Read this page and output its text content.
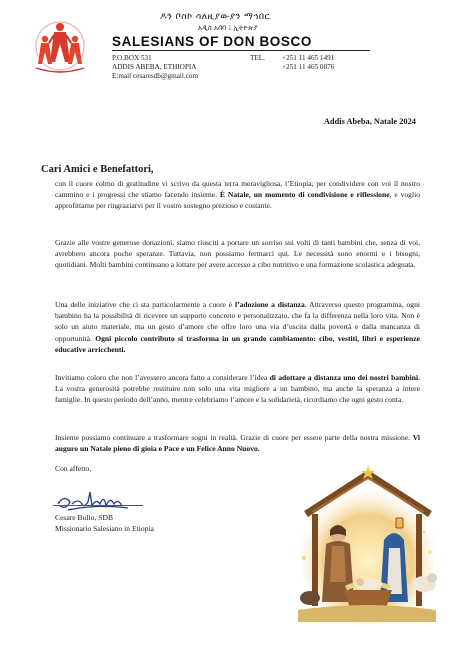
ዶን ቦስኮ ሳለዚያውያን ማኅበር
አዲስ አበባ ፤ ኢትዮጵያ
SALESIANS OF DON BOSCO
P.O.BOX 531
ADDIS ABEBA, ETHIOPIA
E:mail cesaresdb@gmail.com
TEL. +251 11 465 1491
+251 11 465 0876
Addis Abeba, Natale 2024
Cari Amici e Benefattori,

con il cuore colmo di gratitudine vi scrivo da questa terra meravigliosa, l’Etiopia, per condividere con voi il nostro cammino e i progressi che stiamo facendo insieme. È Natale, un momento di condivisione e riflessione, e voglio approfittarne per ringraziarvi per il vostro sostegno prezioso e costante.

Grazie alle vostre generose donazioni, siamo riusciti a portare un sorriso sui volti di tanti bambini che, senza di voi, avrebbero ancora poche speranze. Tuttavia, non possiamo fermarci qui. Le necessità sono enormi e i bisogni, quotidiani. Molti bambini continuano a lottare per avere accesso a cibo nutritivo e una formazione scolastica adeguata.

Una delle iniziative che ci sta particolarmente a cuore è l’adozione a distanza. Attraverso questo programma, ogni bambino ha la possibilità di ricevere un supporto concreto e personalizzato, che fa la differenza nella loro vita. Non è solo un aiuto materiale, ma un gesto d’amore che offre loro una via d’uscita dalla povertà e dalla mancanza di opportunità. Ogni piccolo contributo si trasforma in un grande cambiamento: cibo, vestiti, libri e esperienze educative arricchenti.

Invitiamo coloro che non l’avessero ancora fatto a considerare l’idea di adottare a distanza uno dei nostri bambini. La vostra generosità potrebbe restituire non solo una vita migliore a un bambino, ma anche la speranza a intere famiglie. In questo periodo dell’anno, mentre celebriamo l’amore e la solidarietà, ricordiamo che ogni gesto conta.

Insieme possiamo continuare a trasformare sogni in realtà. Grazie di cuore per essere parte della nostra missione. Vi auguro un Natale pieno di gioia e Pace e un Felice Anno Nuovo.

Con affetto,
Cesare Bullo, SDB
Missionario Salesiano in Etiopia
